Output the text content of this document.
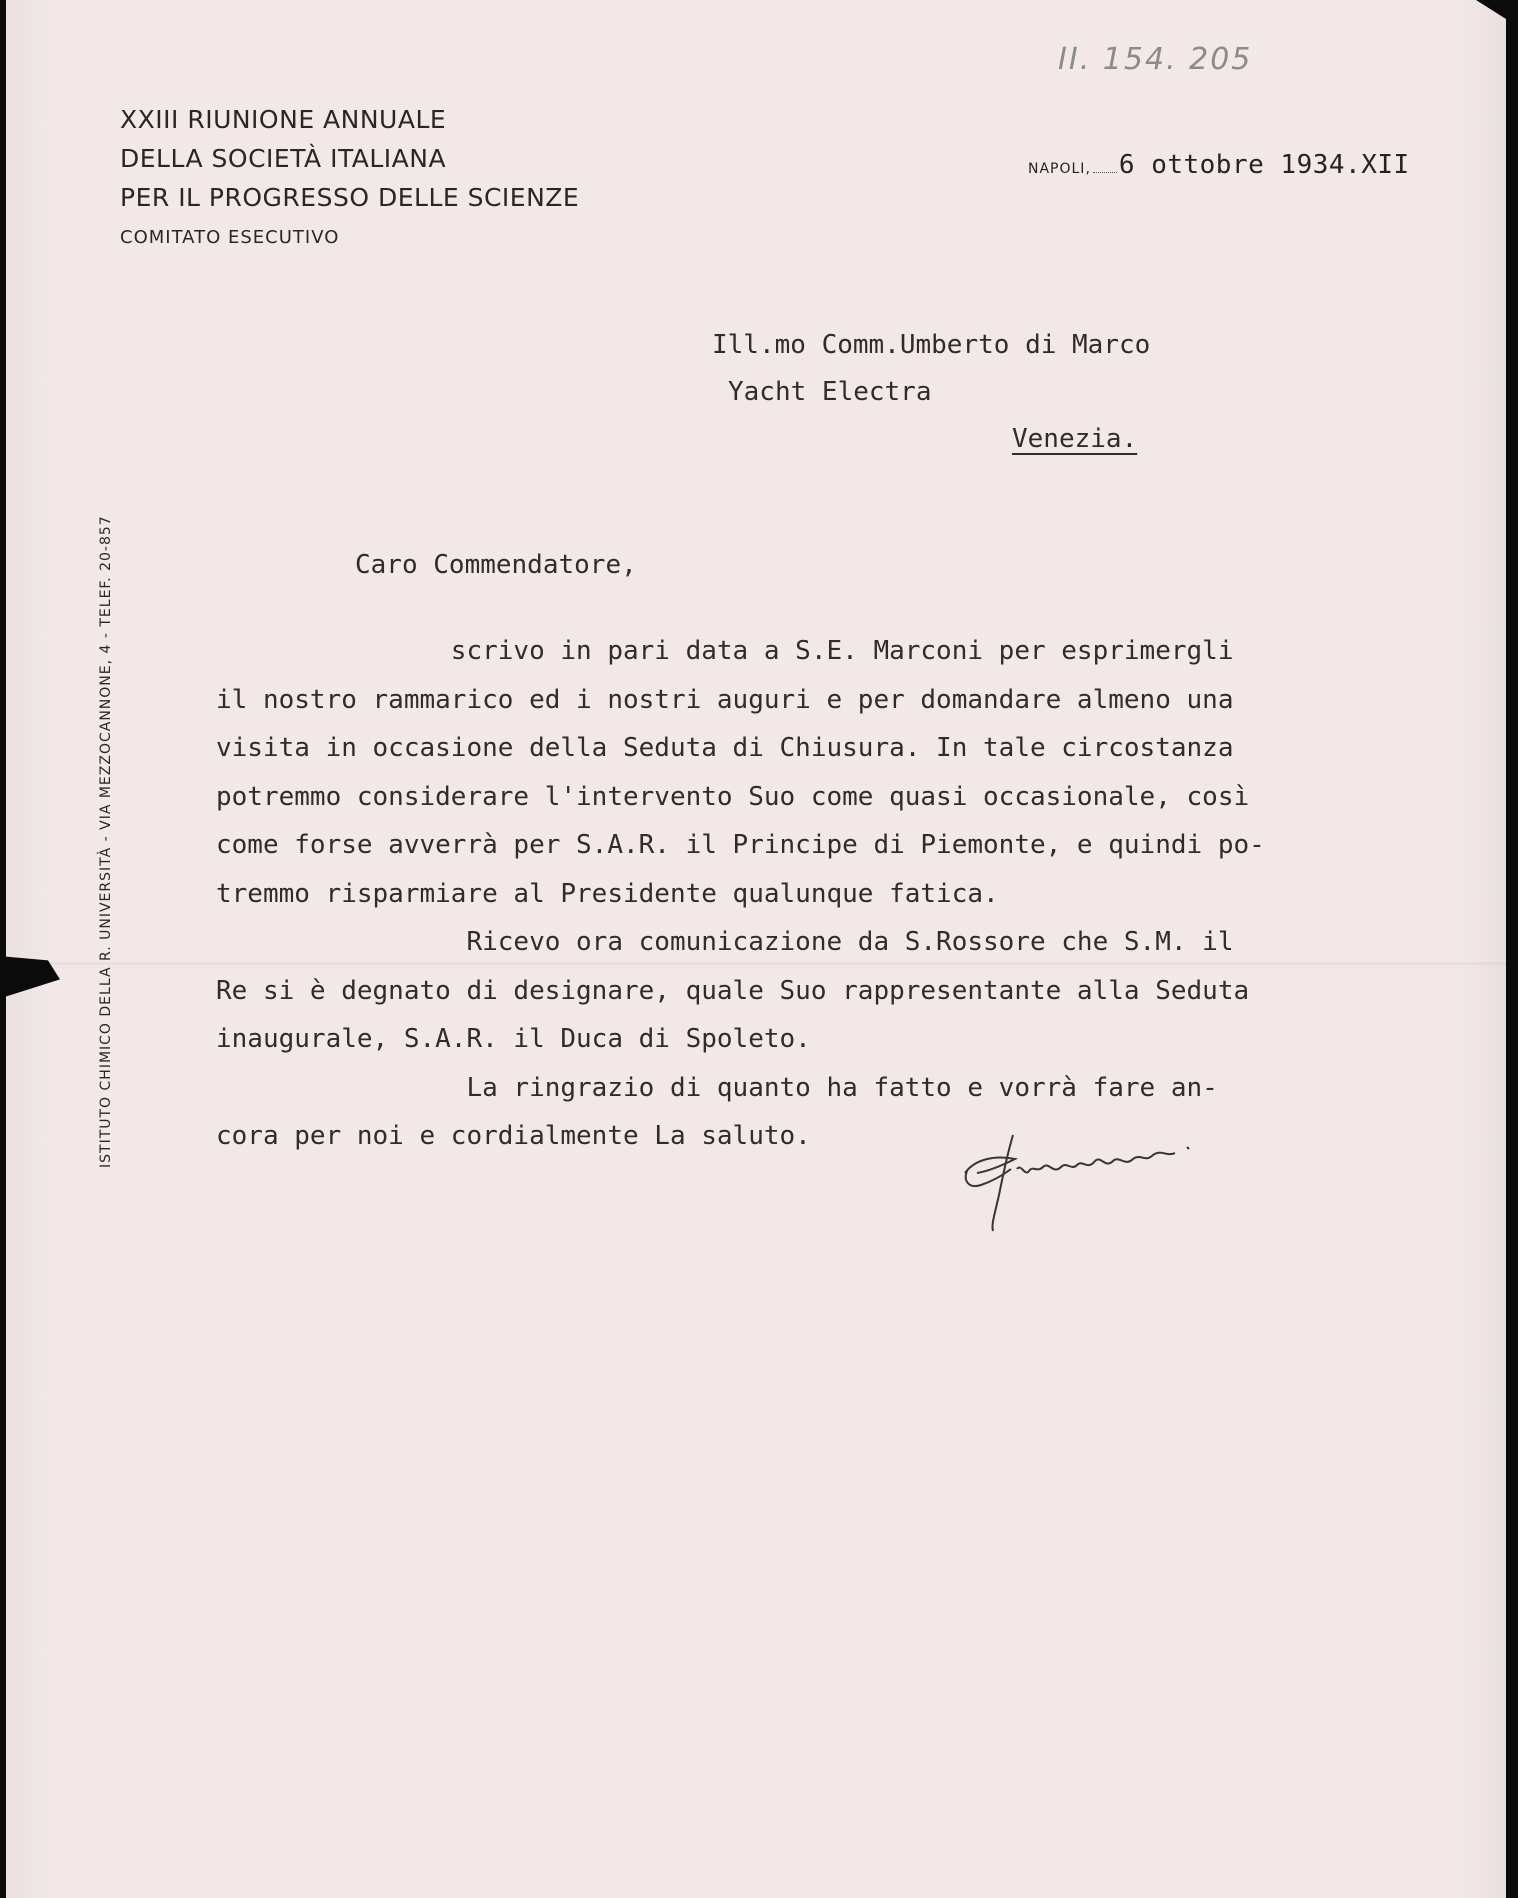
II. 154. 205
XXIII RIUNIONE ANNUALE
DELLA SOCIETÀ ITALIANA
PER IL PROGRESSO DELLE SCIENZE
COMITATO ESECUTIVO
NAPOLI, 6 ottobre 1934.XII
Ill.mo Comm.Umberto di Marco
Yacht Electra
Venezia.
ISTITUTO CHIMICO DELLA R. UNIVERSITÀ - VIA MEZZOCANNONE, 4 - TELEF. 20-857	Caro Commendatore,
scrivo in pari data a S.E. Marconi per esprimergli
il nostro rammarico ed i nostri auguri e per domandare almeno una
visita in occasione della Seduta di Chiusura. In tale circostanza
potremmo considerare l'intervento Suo come quasi occasionale, così
come forse avverrà per S.A.R. il Principe di Piemonte, e quindi po-
tremmo risparmiare al Presidente qualunque fatica.
Ricevo ora comunicazione da S.Rossore che S.M. il
Re si è degnato di designare, quale Suo rappresentante alla Seduta
inaugurale, S.A.R. il Duca di Spoleto.
La ringrazio di quanto ha fatto e vorrà fare an-
cora per noi e cordialmente La saluto.
